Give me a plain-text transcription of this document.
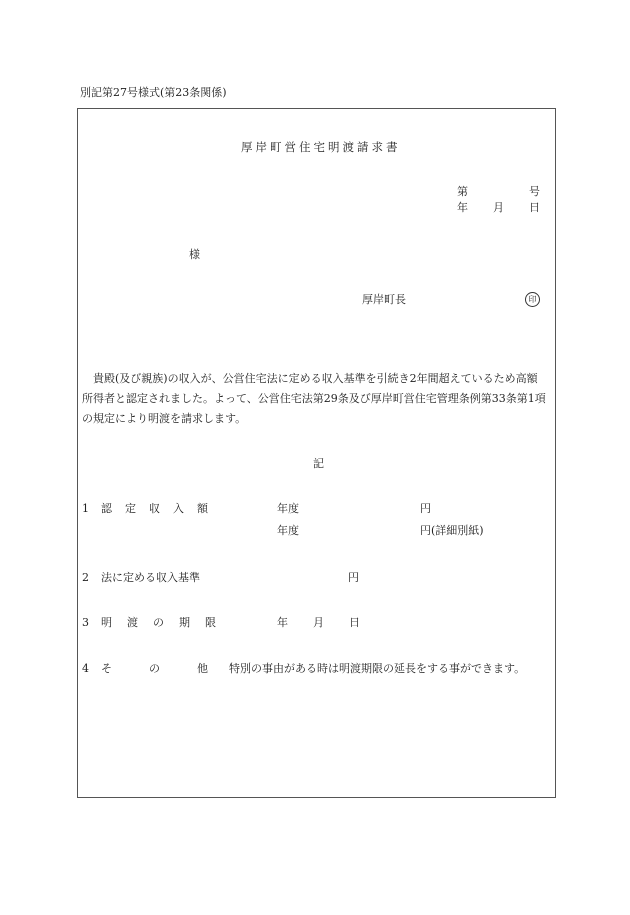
別記第27号様式(第23条関係)
厚岸町営住宅明渡請求書
第	号
年 月 日
様
厚岸町長	印
貴殿(及び親族)の収入が、公営住宅法に定める収入基準を引続き2年間超えているため高額所得者と認定されました。よって、公営住宅法第29条及び厚岸町営住宅管理条例第33条第1項の規定により明渡を請求します。
記
1 認定収入額	年度	円
年度	円(詳細別紙)
2 法に定める収入基準	円
3 明渡の期限	年 月 日
4 そ	の	他 特別の事由がある時は明渡期限の延長をする事ができます。
